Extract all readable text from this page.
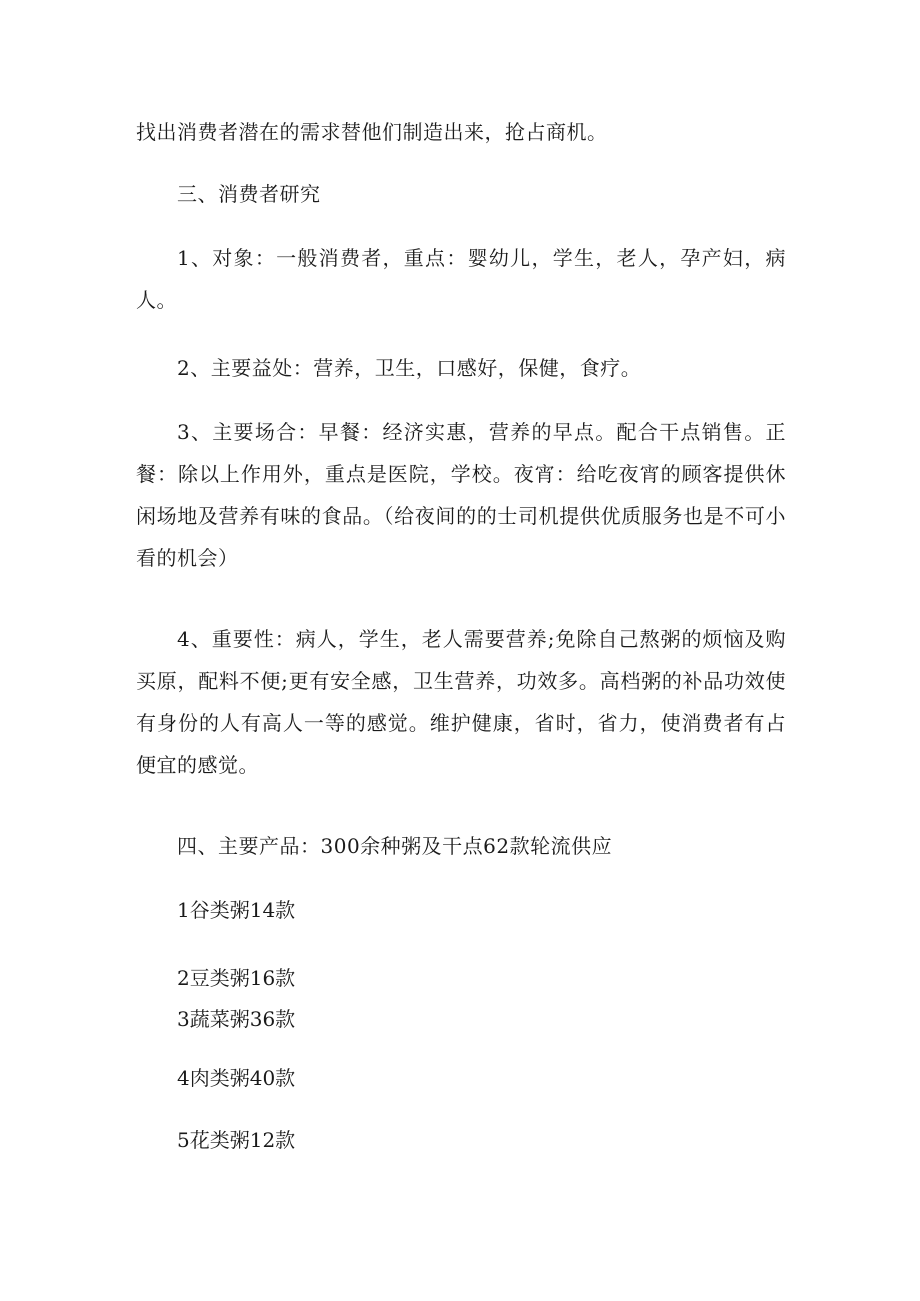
找出消费者潜在的需求替他们制造出来，抢占商机。

三、消费者研究

1、对象：一般消费者，重点：婴幼儿，学生，老人，孕产妇，病人。

2、主要益处：营养，卫生，口感好，保健，食疗。

3、主要场合：早餐：经济实惠，营养的早点。配合干点销售。正餐：除以上作用外，重点是医院，学校。夜宵：给吃夜宵的顾客提供休闲场地及营养有味的食品。（给夜间的的士司机提供优质服务也是不可小看的机会）

4、重要性：病人，学生，老人需要营养;免除自己熬粥的烦恼及购买原，配料不便;更有安全感，卫生营养，功效多。高档粥的补品功效使有身份的人有高人一等的感觉。维护健康，省时，省力，使消费者有占便宜的感觉。

四、主要产品：300余种粥及干点62款轮流供应

1谷类粥14款

2豆类粥16款

3蔬菜粥36款

4肉类粥40款

5花类粥12款
